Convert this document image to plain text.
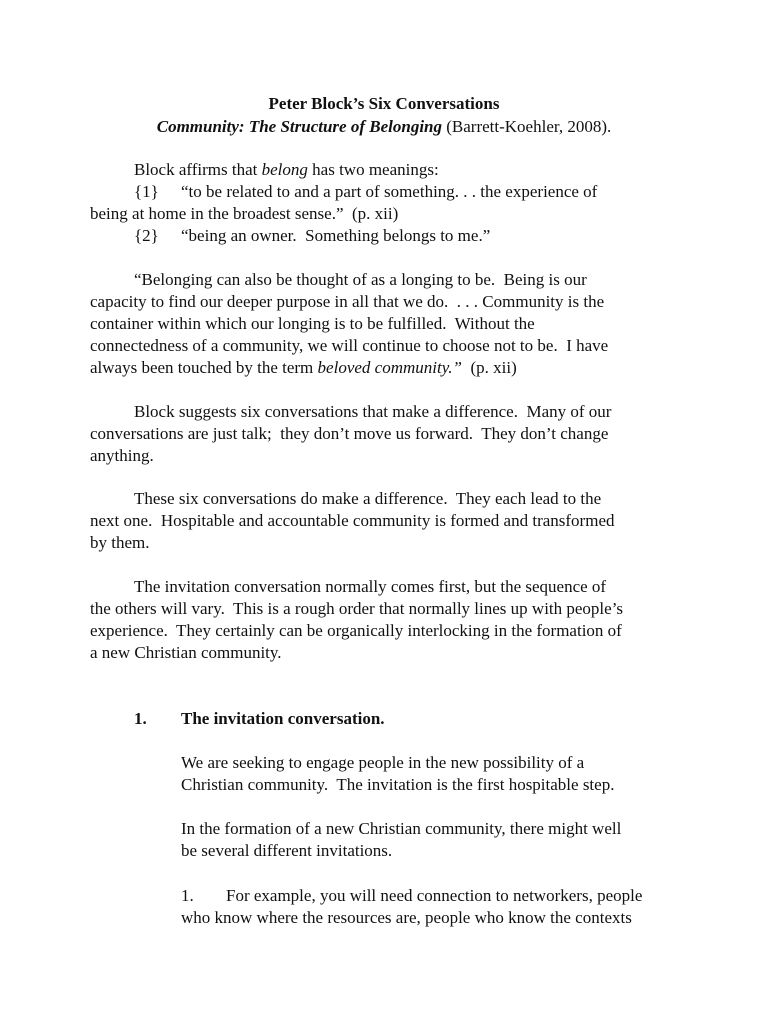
Peter Block’s Six Conversations
Community: The Structure of Belonging (Barrett-Koehler, 2008).
Block affirms that belong has two meanings:
{1} “to be related to and a part of something. . . the experience of
being at home in the broadest sense.”  (p. xii)
{2} “being an owner.  Something belongs to me.”
“Belonging can also be thought of as a longing to be.  Being is our
capacity to find our deeper purpose in all that we do.  . . . Community is the
container within which our longing is to be fulfilled.  Without the
connectedness of a community, we will continue to choose not to be.  I have
always been touched by the term beloved community.”  (p. xii)
Block suggests six conversations that make a difference.  Many of our
conversations are just talk;  they don’t move us forward.  They don’t change
anything.
These six conversations do make a difference.  They each lead to the
next one.  Hospitable and accountable community is formed and transformed
by them.
The invitation conversation normally comes first, but the sequence of
the others will vary.  This is a rough order that normally lines up with people’s
experience.  They certainly can be organically interlocking in the formation of
a new Christian community.
1. The invitation conversation.
We are seeking to engage people in the new possibility of a
Christian community.  The invitation is the first hospitable step.
In the formation of a new Christian community, there might well
be several different invitations.
1. For example, you will need connection to networkers, people
who know where the resources are, people who know the contexts
